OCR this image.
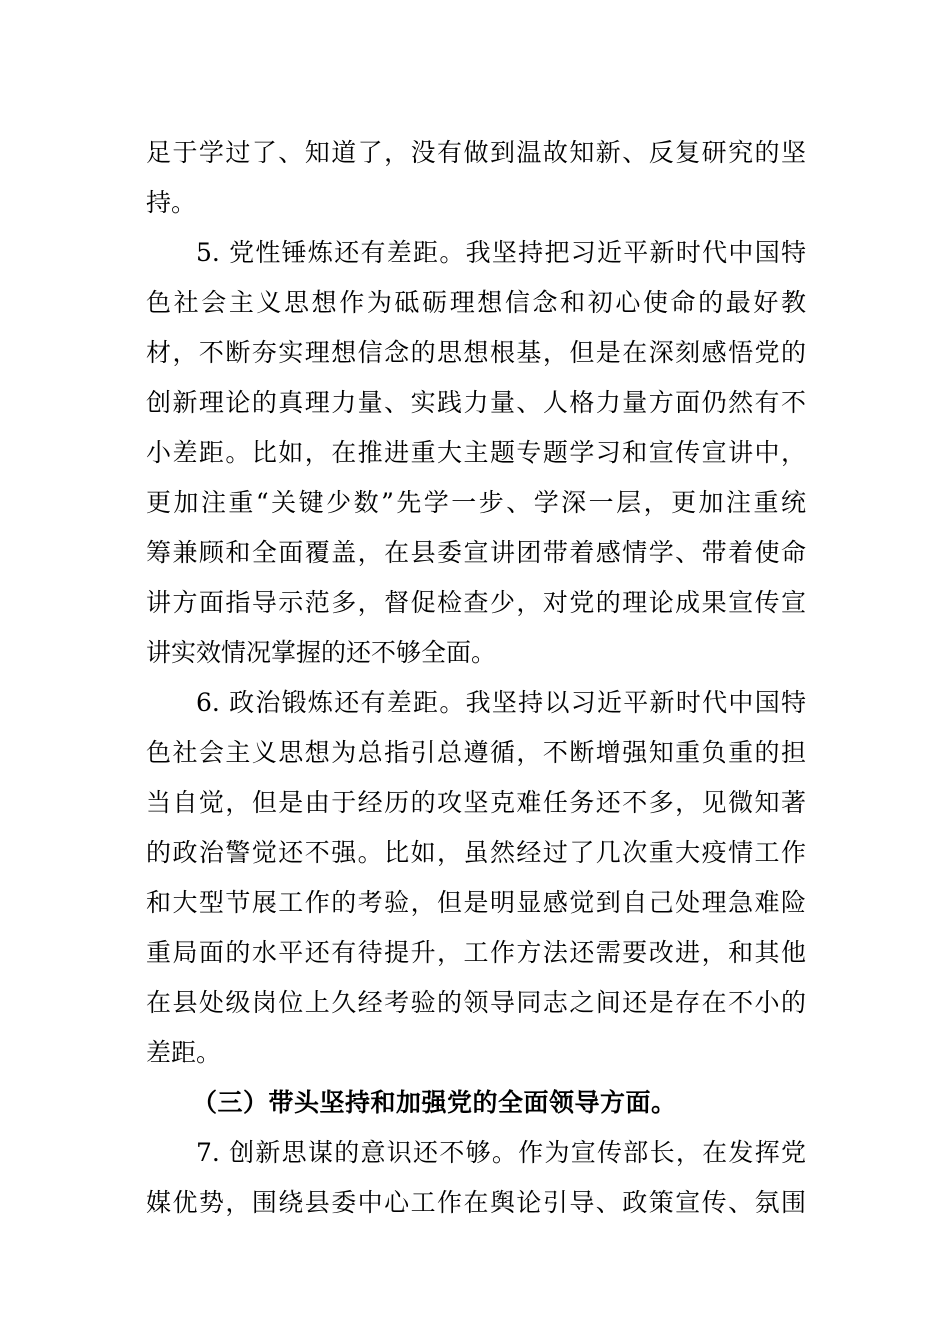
足于学过了、知道了，没有做到温故知新、反复研究的坚
持。
5. 党性锤炼还有差距。我坚持把习近平新时代中国特
色社会主义思想作为砥砺理想信念和初心使命的最好教
材，不断夯实理想信念的思想根基，但是在深刻感悟党的
创新理论的真理力量、实践力量、人格力量方面仍然有不
小差距。比如，在推进重大主题专题学习和宣传宣讲中，
更加注重“关键少数”先学一步、学深一层，更加注重统
筹兼顾和全面覆盖，在县委宣讲团带着感情学、带着使命
讲方面指导示范多，督促检查少，对党的理论成果宣传宣
讲实效情况掌握的还不够全面。
6. 政治锻炼还有差距。我坚持以习近平新时代中国特
色社会主义思想为总指引总遵循，不断增强知重负重的担
当自觉，但是由于经历的攻坚克难任务还不多，见微知著
的政治警觉还不强。比如，虽然经过了几次重大疫情工作
和大型节展工作的考验，但是明显感觉到自己处理急难险
重局面的水平还有待提升，工作方法还需要改进，和其他
在县处级岗位上久经考验的领导同志之间还是存在不小的
差距。
（三）带头坚持和加强党的全面领导方面。
7. 创新思谋的意识还不够。作为宣传部长，在发挥党
媒优势，围绕县委中心工作在舆论引导、政策宣传、氛围
